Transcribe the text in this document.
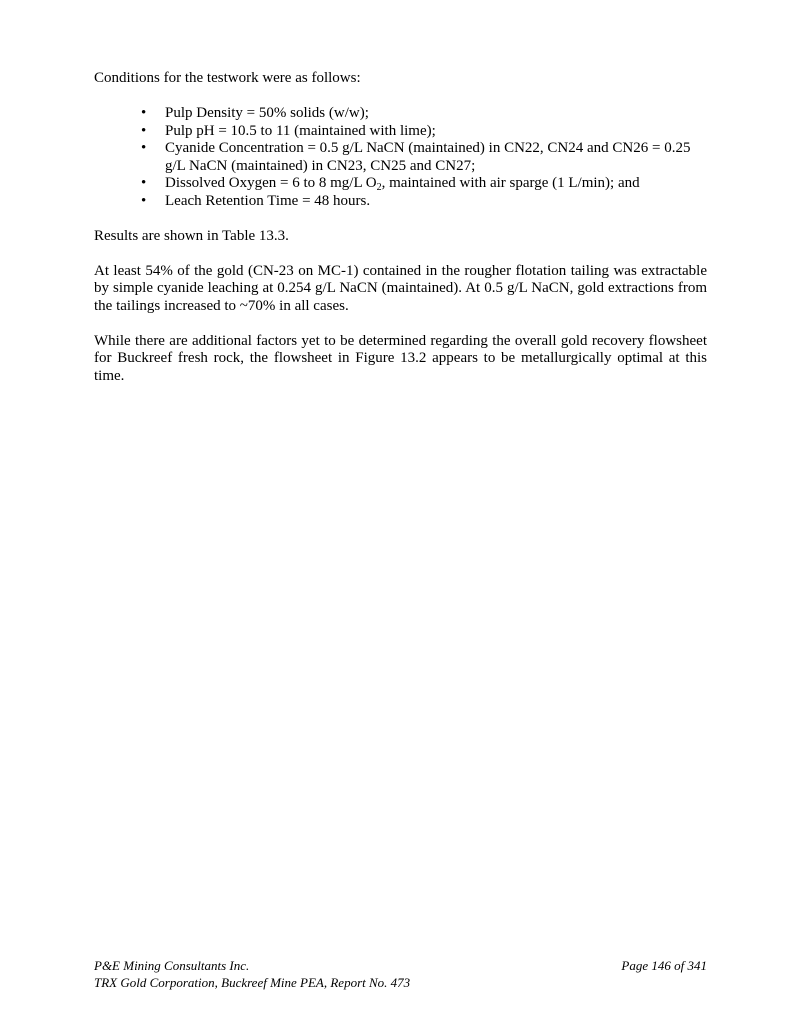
Conditions for the testwork were as follows:

• Pulp Density = 50% solids (w/w);
• Pulp pH = 10.5 to 11 (maintained with lime);
• Cyanide Concentration = 0.5 g/L NaCN (maintained) in CN22, CN24 and CN26 = 0.25 g/L NaCN (maintained) in CN23, CN25 and CN27;
• Dissolved Oxygen = 6 to 8 mg/L $O_2$, maintained with air sparge (1 L/min); and
• Leach Retention Time = 48 hours.

Results are shown in Table 13.3.

At least 54% of the gold (CN-23 on MC-1) contained in the rougher flotation tailing was extractable by simple cyanide leaching at 0.254 g/L NaCN (maintained). At 0.5 g/L NaCN, gold extractions from the tailings increased to ~70% in all cases.

While there are additional factors yet to be determined regarding the overall gold recovery flowsheet for Buckreef fresh rock, the flowsheet in Figure 13.2 appears to be metallurgically optimal at this time.

P&E Mining Consultants Inc.	Page 146 of 341
TRX Gold Corporation, Buckreef Mine PEA, Report No. 473
